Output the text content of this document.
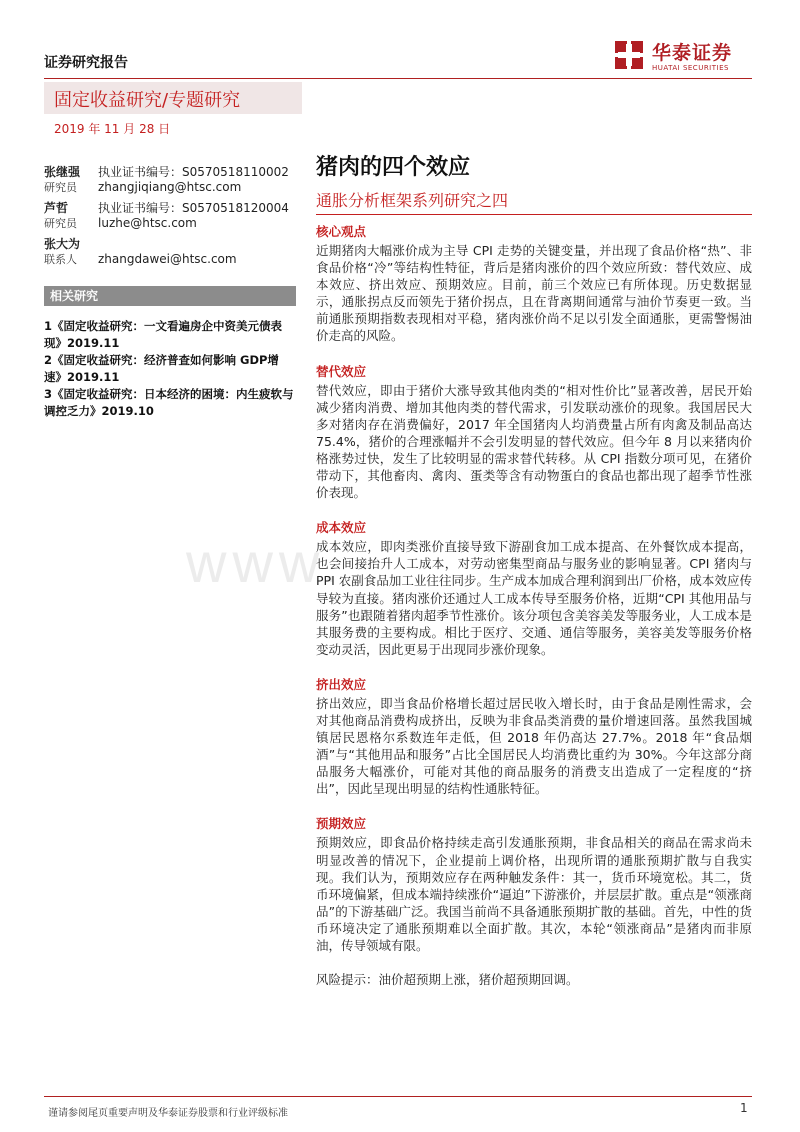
证券研究报告	华泰证券
HUATAI SECURITIES
固定收益研究/专题研究
2019 年 11 月 28 日
张继强 执业证书编号：S0570518110002
研究员 zhangjiqiang@htsc.com
芦哲 执业证书编号：S0570518120004
研究员 luzhe@htsc.com
张大为
联系人 zhangdawei@htsc.com
相关研究
1《固定收益研究：一文看遍房企中资美元债表现》2019.11
2《固定收益研究：经济普查如何影响 GDP增速》2019.11
3《固定收益研究：日本经济的困境：内生疲软与调控乏力》2019.10
猪肉的四个效应
通胀分析框架系列研究之四
www.
核心观点

近期猪肉大幅涨价成为主导 CPI 走势的关键变量，并出现了食品价格“热”、非食品价格“冷”等结构性特征，背后是猪肉涨价的四个效应所致：替代效应、成本效应、挤出效应、预期效应。目前，前三个效应已有所体现。历史数据显示，通胀拐点反而领先于猪价拐点，且在背离期间通常与油价节奏更一致。当前通胀预期指数表现相对平稳，猪肉涨价尚不足以引发全面通胀，更需警惕油价走高的风险。

替代效应

替代效应，即由于猪价大涨导致其他肉类的“相对性价比”显著改善，居民开始减少猪肉消费、增加其他肉类的替代需求，引发联动涨价的现象。我国居民大多对猪肉存在消费偏好，2017 年全国猪肉人均消费量占所有肉禽及制品高达 75.4%，猪价的合理涨幅并不会引发明显的替代效应。但今年 8 月以来猪肉价格涨势过快，发生了比较明显的需求替代转移。从 CPI 指数分项可见，在猪价带动下，其他畜肉、禽肉、蛋类等含有动物蛋白的食品也都出现了超季节性涨价表现。

成本效应

成本效应，即肉类涨价直接导致下游副食加工成本提高、在外餐饮成本提高，也会间接抬升人工成本，对劳动密集型商品与服务业的影响显著。CPI 猪肉与 PPI 农副食品加工业往往同步。生产成本加成合理利润到出厂价格，成本效应传导较为直接。猪肉涨价还通过人工成本传导至服务价格，近期“CPI 其他用品与服务”也跟随着猪肉超季节性涨价。该分项包含美容美发等服务业，人工成本是其服务费的主要构成。相比于医疗、交通、通信等服务，美容美发等服务价格变动灵活，因此更易于出现同步涨价现象。

挤出效应

挤出效应，即当食品价格增长超过居民收入增长时，由于食品是刚性需求，会对其他商品消费构成挤出，反映为非食品类消费的量价增速回落。虽然我国城镇居民恩格尔系数连年走低，但 2018 年仍高达 27.7%。2018 年“食品烟酒”与“其他用品和服务”占比全国居民人均消费比重约为 30%。今年这部分商品服务大幅涨价，可能对其他的商品服务的消费支出造成了一定程度的“挤出”，因此呈现出明显的结构性通胀特征。

预期效应

预期效应，即食品价格持续走高引发通胀预期，非食品相关的商品在需求尚未明显改善的情况下，企业提前上调价格，出现所谓的通胀预期扩散与自我实现。我们认为，预期效应存在两种触发条件：其一，货币环境宽松。其二，货币环境偏紧，但成本端持续涨价“逼迫”下游涨价，并层层扩散。重点是“领涨商品”的下游基础广泛。我国当前尚不具备通胀预期扩散的基础。首先，中性的货币环境决定了通胀预期难以全面扩散。其次，本轮“领涨商品”是猪肉而非原油，传导领域有限。

风险提示：油价超预期上涨，猪价超预期回调。

谨请参阅尾页重要声明及华泰证券股票和行业评级标准	1
